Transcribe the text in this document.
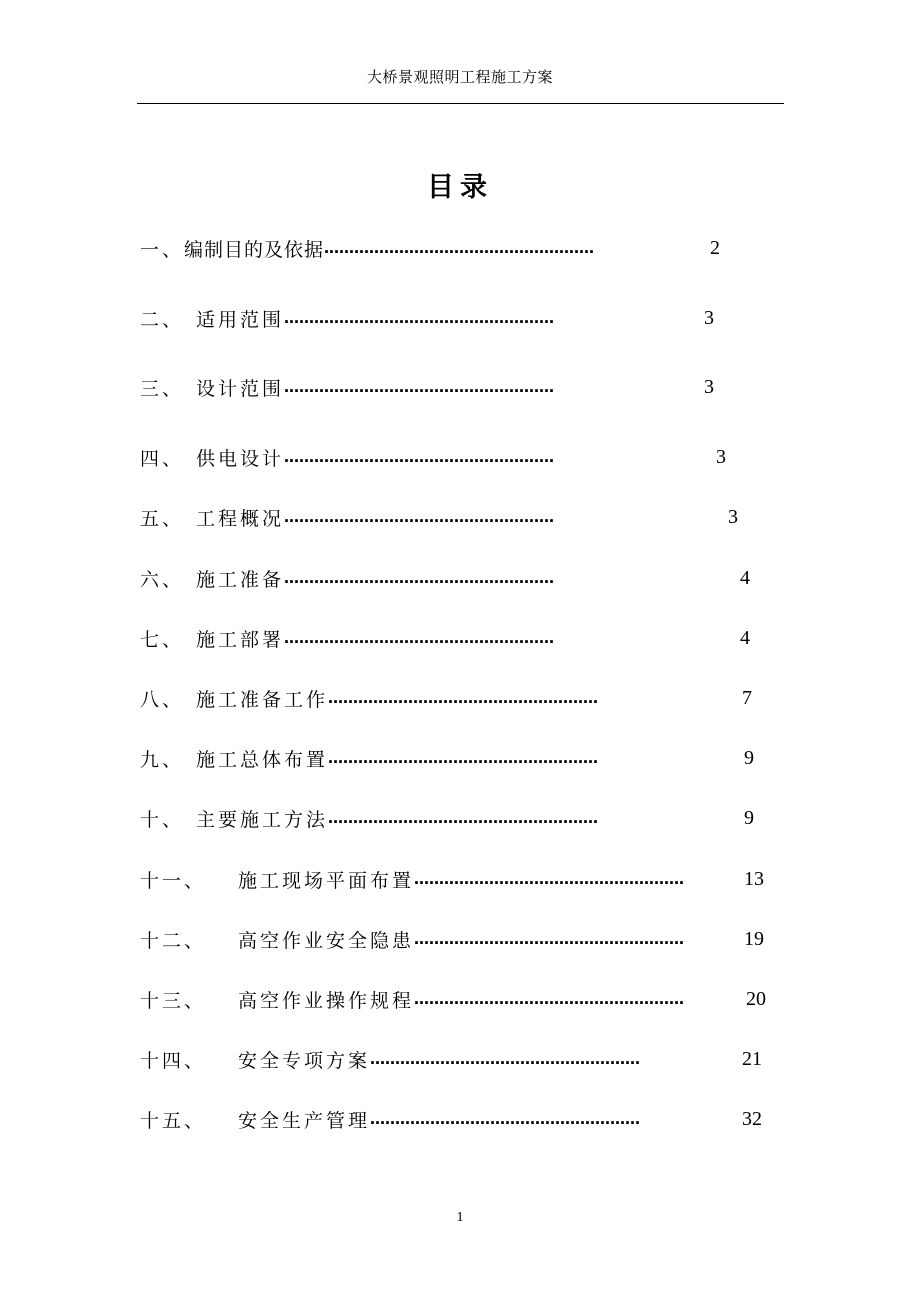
大桥景观照明工程施工方案
目录
一、 编制目的及依据 ………………………………………………	2
二、 适用范围 ………………………………………………	3
三、 设计范围 ………………………………………………	3
四、 供电设计 ………………………………………………	3
五、 工程概况 ………………………………………………	3
六、 施工准备 ………………………………………………	4
七、 施工部署 ………………………………………………	4
八、 施工准备工作 ………………………………………………	7
九、 施工总体布置 ………………………………………………	9
十、 主要施工方法 ………………………………………………	9
十一、	施工现场平面布置 ………………………………………………	13
十二、	高空作业安全隐患 ………………………………………………	19
十三、	高空作业操作规程 ………………………………………………	20
十四、	安全专项方案 ………………………………………………	21
十五、	安全生产管理 ………………………………………………	32
1
